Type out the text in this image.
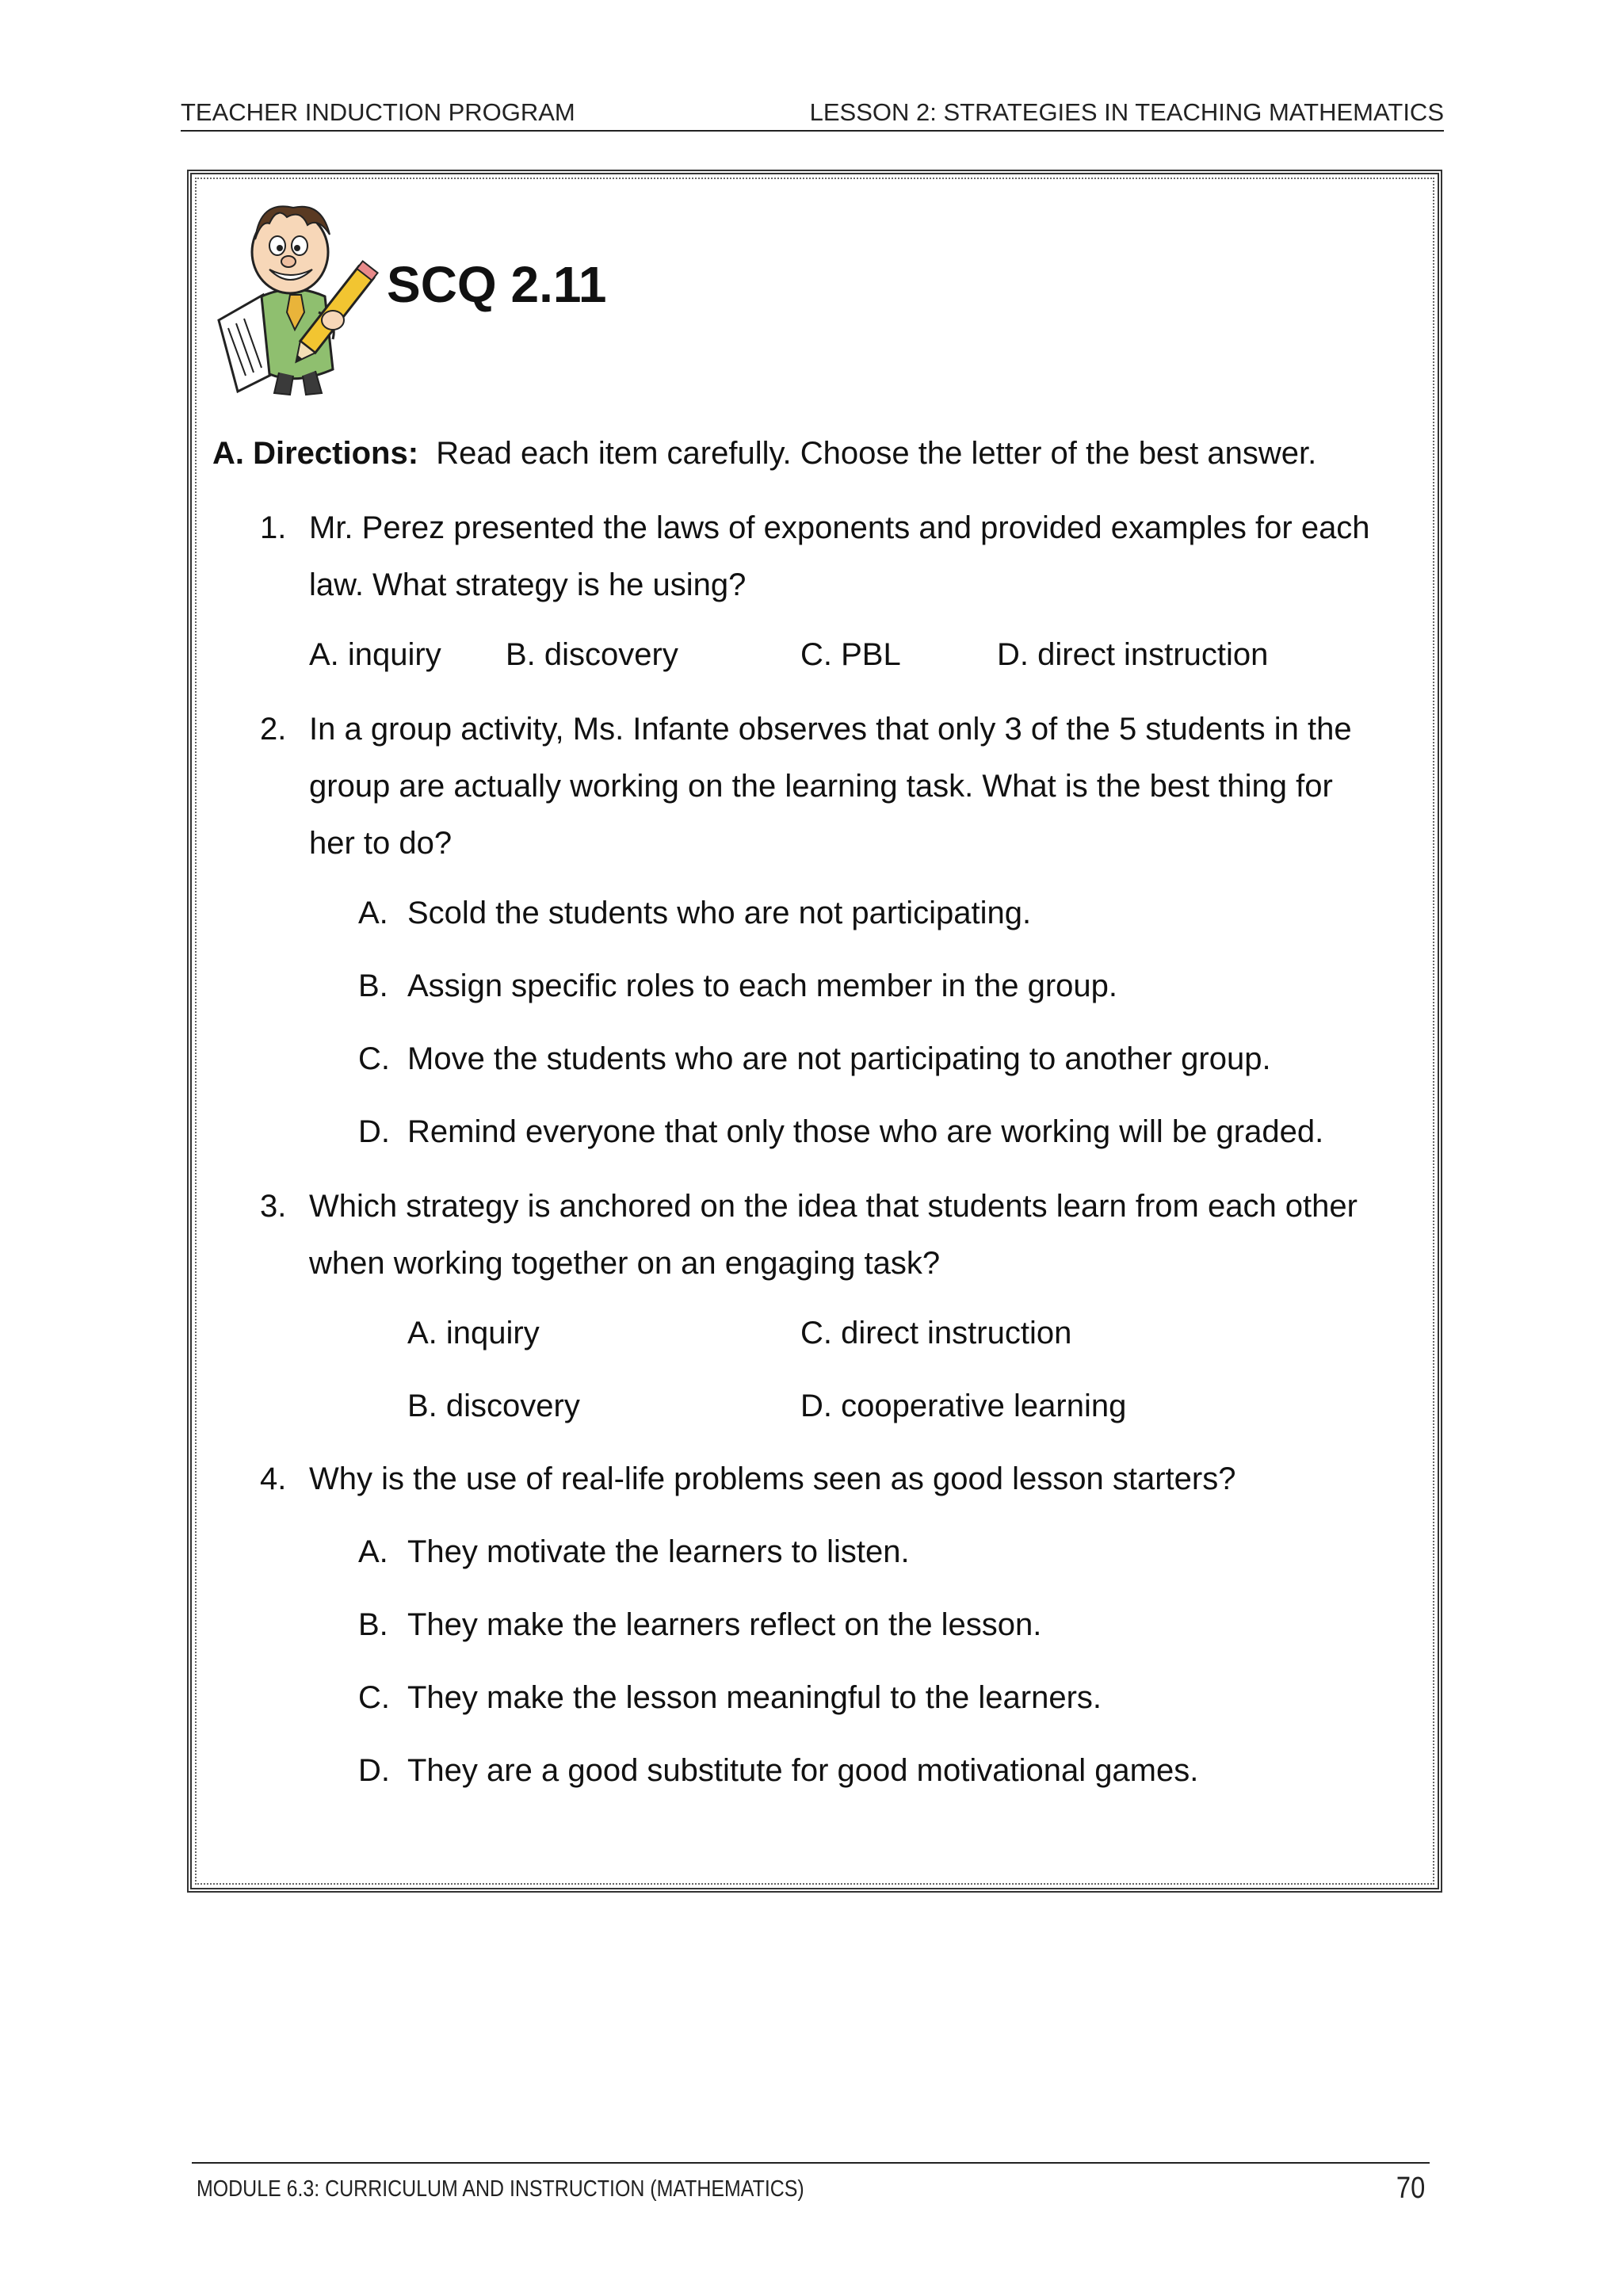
TEACHER INDUCTION PROGRAM	LESSON 2: STRATEGIES IN TEACHING MATHEMATICS
SCQ 2.11
A. Directions: Read each item carefully. Choose the letter of the best answer.
1. Mr. Perez presented the laws of exponents and provided examples for each
law. What strategy is he using?
A. inquiry B. discovery	C. PBL	D. direct instruction
2. In a group activity, Ms. Infante observes that only 3 of the 5 students in the
group are actually working on the learning task. What is the best thing for
her to do?
A. Scold the students who are not participating.
B. Assign specific roles to each member in the group.
C. Move the students who are not participating to another group.
D. Remind everyone that only those who are working will be graded.
3. Which strategy is anchored on the idea that students learn from each other
when working together on an engaging task?
A. inquiry	C. direct instruction
B. discovery	D. cooperative learning
4. Why is the use of real-life problems seen as good lesson starters?
A. They motivate the learners to listen.
B. They make the learners reflect on the lesson.
C. They make the lesson meaningful to the learners.
D. They are a good substitute for good motivational games.
MODULE 6.3: CURRICULUM AND INSTRUCTION (MATHEMATICS)	70
